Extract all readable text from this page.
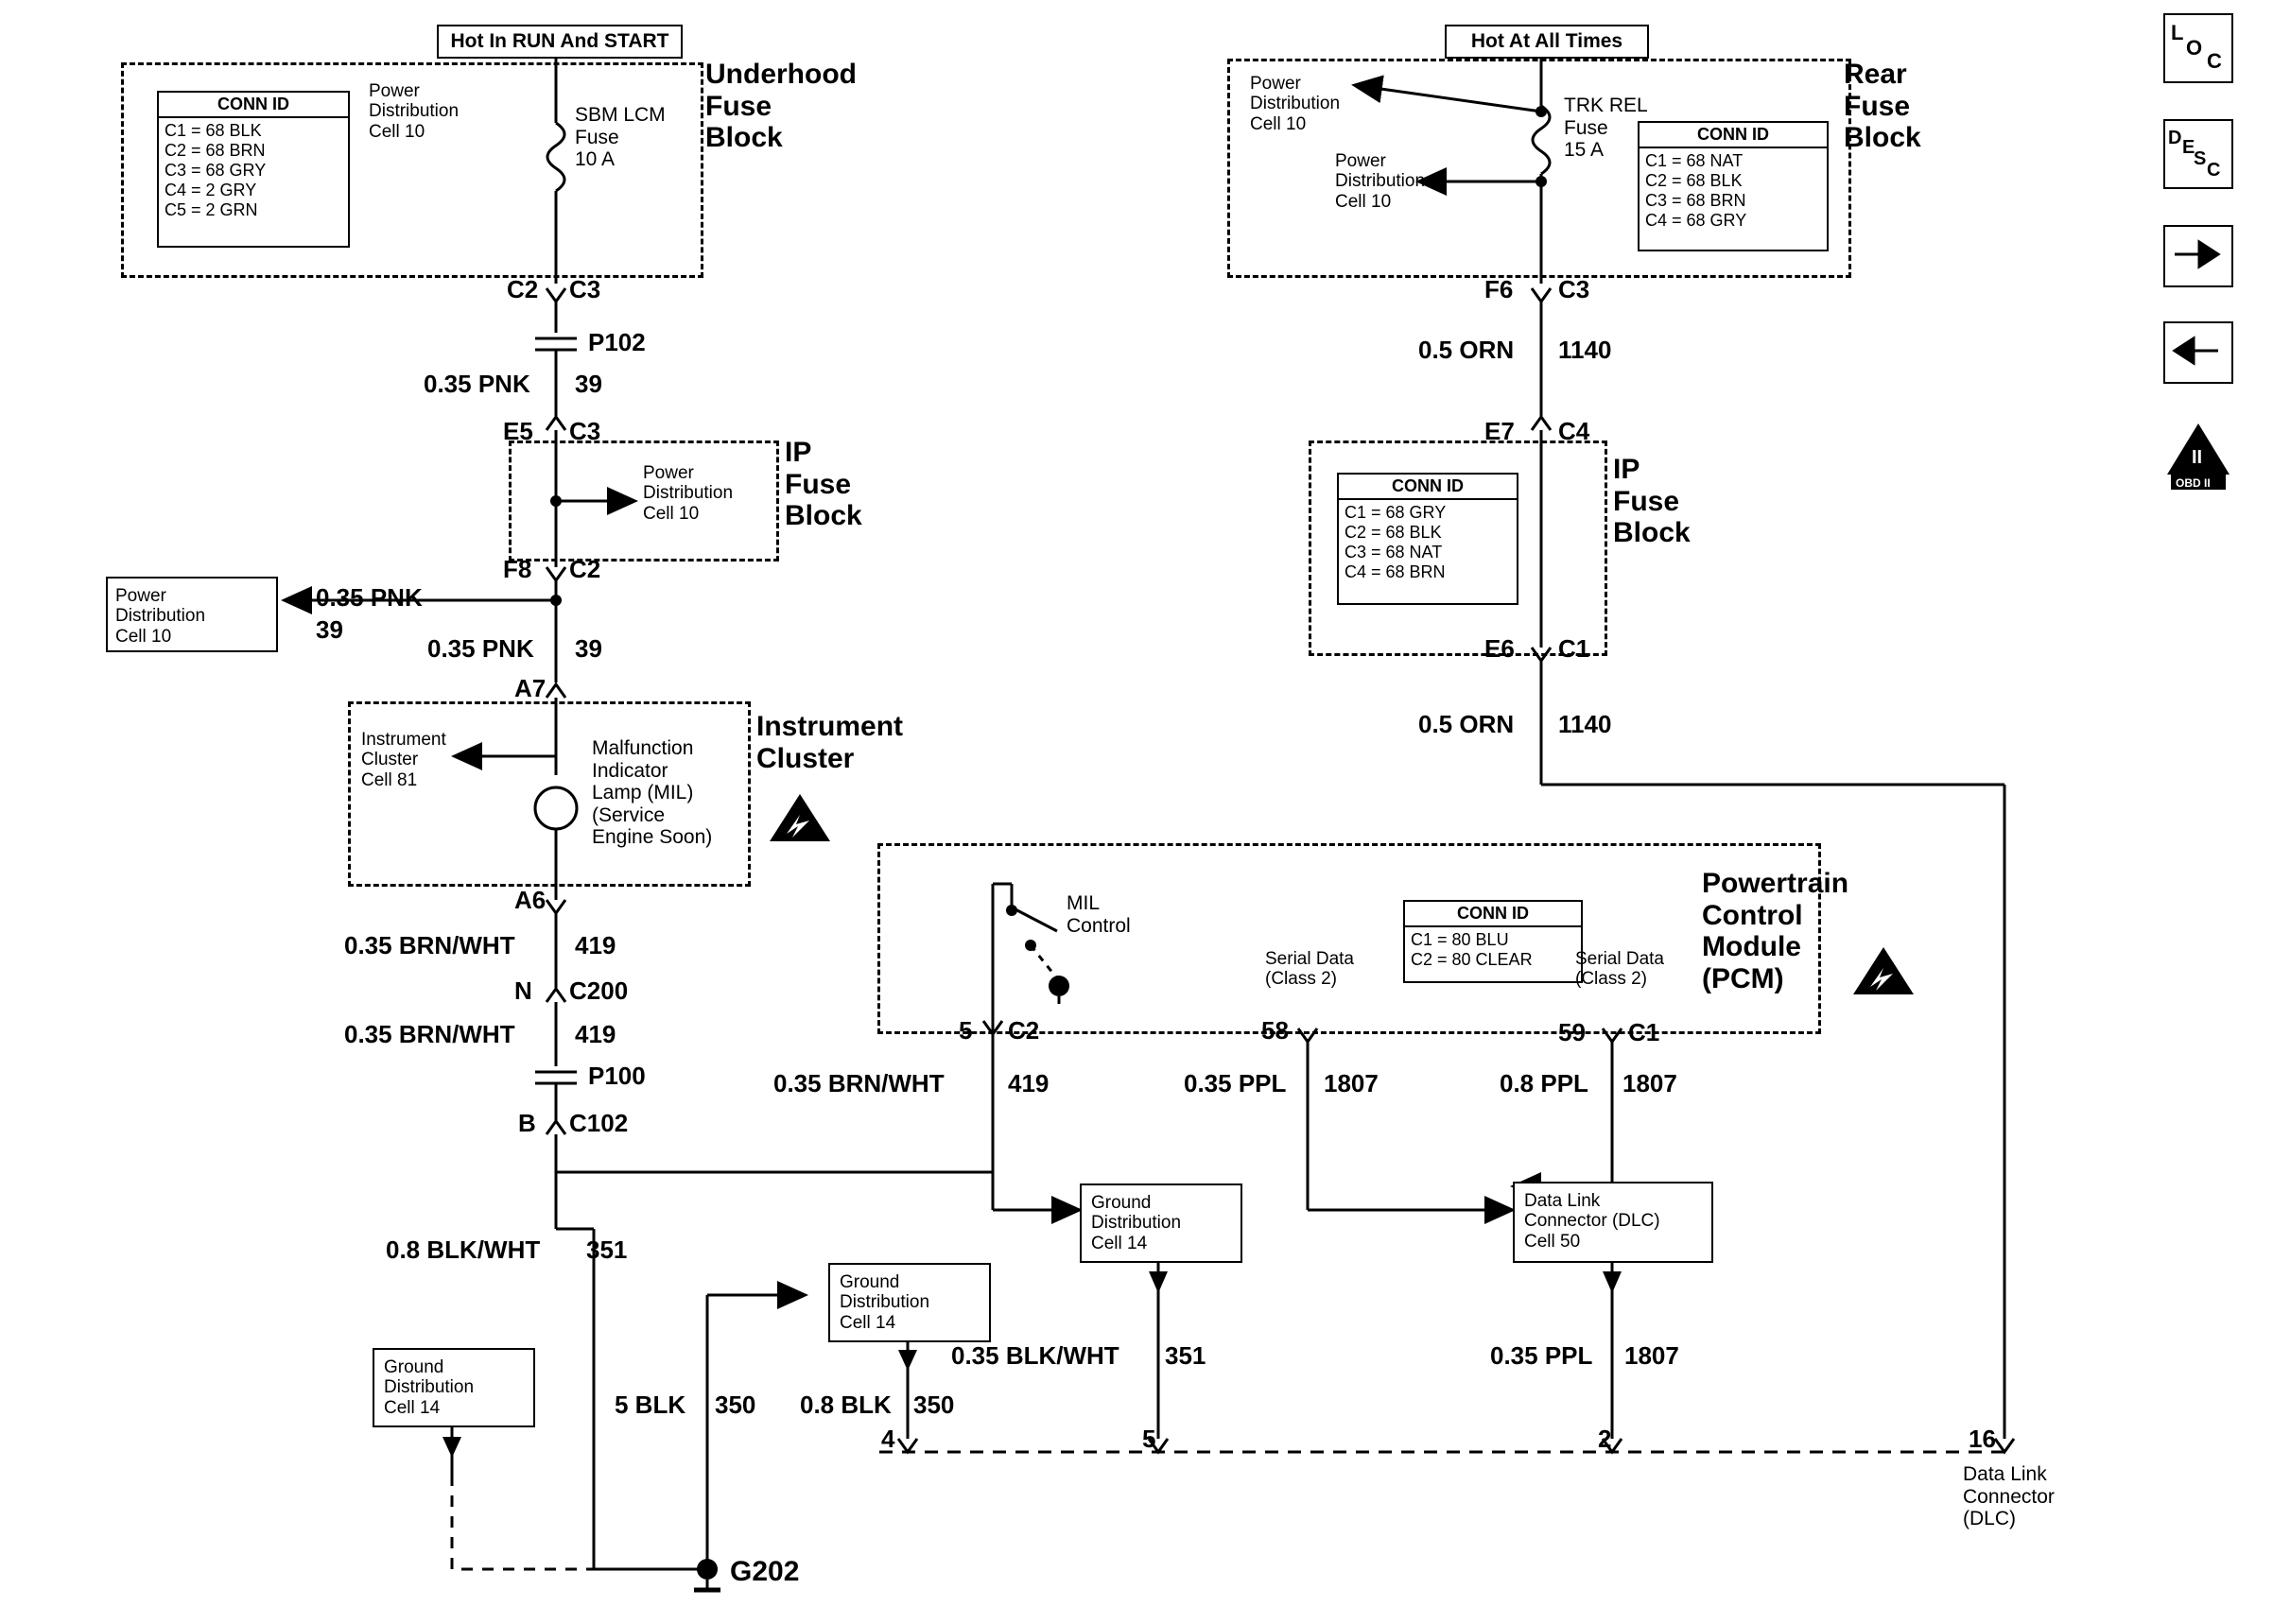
Hot In RUN And START	Hot At All Times
Underhood
Fuse
Block
CONN ID
C1 = 68 BLK
C2 = 68 BRN
C3 = 68 GRY
C4 = 2 GRY
C5 = 2 GRN
Power
Distribution
Cell 10
SBM LCM
Fuse
10 A
Rear
Fuse
Block
Power
Distribution
Cell 10
Power
Distribution
Cell 10
TRK REL
Fuse
15 A
CONN ID
C1 = 68 NAT
C2 = 68 BLK
C3 = 68 BRN
C4 = 68 GRY
IP
Fuse
Block
Power
Distribution
Cell 10
IP
Fuse
Block
CONN ID
C1 = 68 GRY
C2 = 68 BLK
C3 = 68 NAT
C4 = 68 BRN
Power
Distribution
Cell 10
Instrument
Cluster
Instrument
Cluster
Cell 81
Malfunction
Indicator
Lamp (MIL)
(Service
Engine Soon)
Powertrain
Control
Module
(PCM)
MIL
Control
CONN ID
C1 = 80 BLU
C2 = 80 CLEAR
Serial Data
(Class 2)
Serial Data
(Class 2)
Ground
Distribution
Cell 14
Ground
Distribution
Cell 14
Ground
Distribution
Cell 14
Data Link
Connector (DLC)
Cell 50
Data Link
Connector
(DLC)
C2 C3
P102
E5 C3
F8 C2
A7
A6
N C200
P100
B C102
F6 C3
E7 C4
E6 C1
5 C2	58	59 C1
4	5	2	16
G202
0.35 PNK 39
0.35 PNK
39
0.35 PNK 39
0.35 BRN/WHT 419
0.35 BRN/WHT 419
0.35 BRN/WHT	419
0.8 BLK/WHT 351
0.35 BLK/WHT 351
5 BLK 350 0.8 BLK 350
0.35 PPL 1807	0.8 PPL 1807
0.35 PPL 1807
0.5 ORN 1140
0.5 ORN 1140
L
O
C
D E
S
C
II
OBD II
